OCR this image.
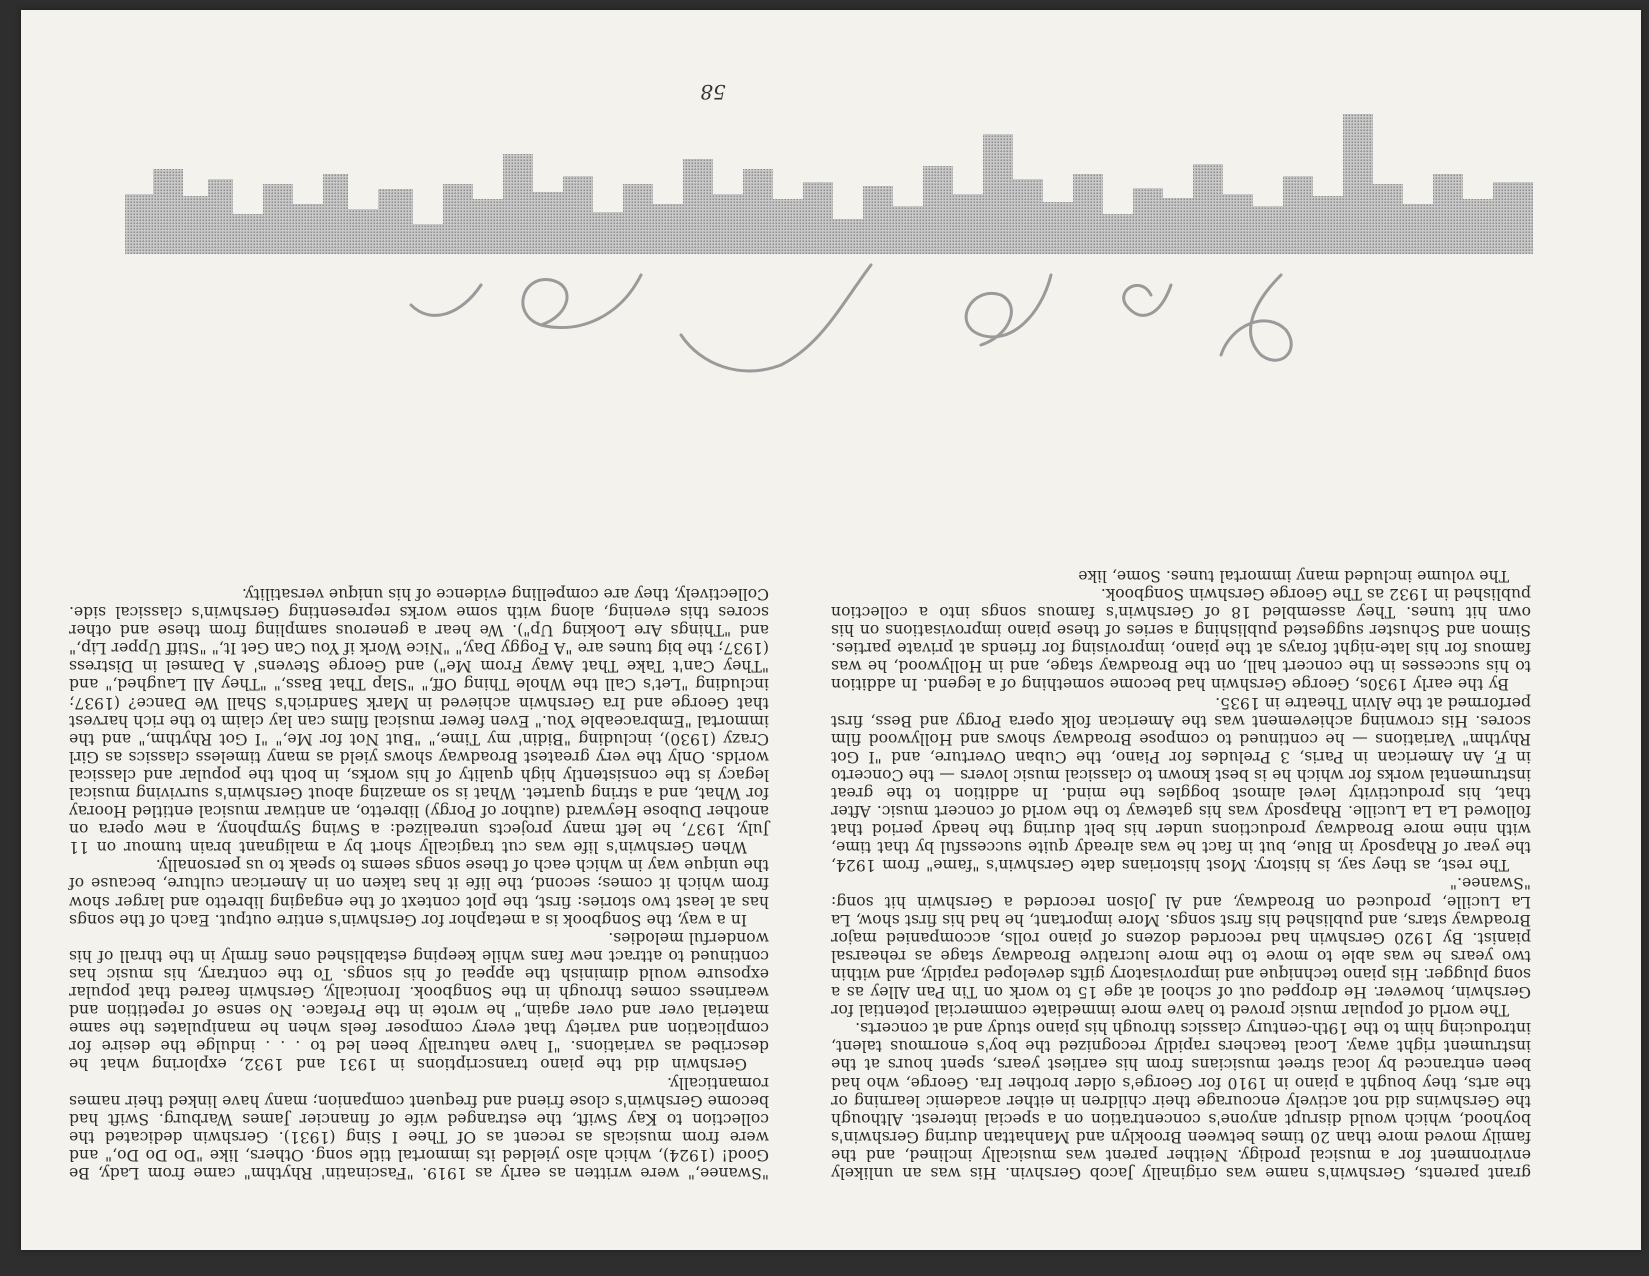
grant parents, Gershwin's name was originally Jacob Gershvin. His was an unlikely environment for a musical prodigy. Neither parent was musically inclined, and the family moved more than 20 times between Brooklyn and Manhattan during Gershwin's boyhood, which would disrupt anyone's concentration on a special interest. Although the Gershwins did not actively encourage their children in either academic learning or the arts, they bought a piano in 1910 for George's older brother Ira. George, who had been entranced by local street musicians from his earliest years, spent hours at the instrument right away. Local teachers rapidly recognized the boy's enormous talent, introducing him to the 19th-century classics through his piano study and at concerts.

The world of popular music proved to have more immediate commercial potential for Gershwin, however. He dropped out of school at age 15 to work on Tin Pan Alley as a song plugger. His piano technique and improvisatory gifts developed rapidly, and within two years he was able to move to the more lucrative Broadway stage as rehearsal pianist. By 1920 Gershwin had recorded dozens of piano rolls, accompanied major Broadway stars, and published his first songs. More important, he had his first show, La La Lucille, produced on Broadway, and Al Jolson recorded a Gershwin hit song: "Swanee."

The rest, as they say, is history. Most historians date Gershwin's "fame" from 1924, the year of Rhapsody in Blue, but in fact he was already quite successful by that time, with nine more Broadway productions under his belt during the heady period that followed La La Lucille. Rhapsody was his gateway to the world of concert music. After that, his productivity level almost boggles the mind. In addition to the great instrumental works for which he is best known to classical music lovers — the Concerto in F, An American in Paris, 3 Preludes for Piano, the Cuban Overture, and "I Got Rhythm" Variations — he continued to compose Broadway shows and Hollywood film scores. His crowning achievement was the American folk opera Porgy and Bess, first performed at the Alvin Theatre in 1935.

By the early 1930s, George Gershwin had become something of a legend. In addition to his successes in the concert hall, on the Broadway stage, and in Hollywood, he was famous for his late-night forays at the piano, improvising for friends at private parties. Simon and Schuster suggested publishing a series of these piano improvisations on his own hit tunes. They assembled 18 of Gershwin's famous songs into a collection published in 1932 as The George Gershwin Songbook.

The volume included many immortal tunes. Some, like

"Swanee," were written as early as 1919. "Fascinatin' Rhythm" came from Lady, Be Good! (1924), which also yielded its immortal title song. Others, like "Do Do Do," and were from musicals as recent as Of Thee I Sing (1931). Gershwin dedicated the collection to Kay Swift, the estranged wife of financier James Warburg. Swift had become Gershwin's close friend and frequent companion; many have linked their names romantically.

Gershwin did the piano transcriptions in 1931 and 1932, exploring what he described as variations. "I have naturally been led to . . . indulge the desire for complication and variety that every composer feels when he manipulates the same material over and over again," he wrote in the Preface. No sense of repetition and weariness comes through in the Songbook. Ironically, Gershwin feared that popular exposure would diminish the appeal of his songs. To the contrary, his music has continued to attract new fans while keeping established ones firmly in the thrall of his wonderful melodies.

In a way, the Songbook is a metaphor for Gershwin's entire output. Each of the songs has at least two stories: first, the plot context of the engaging libretto and larger show from which it comes; second, the life it has taken on in American culture, because of the unique way in which each of these songs seems to speak to us personally.

When Gershwin's life was cut tragically short by a malignant brain tumour on 11 July, 1937, he left many projects unrealized: a Swing Symphony, a new opera on another Dubose Heyward (author of Porgy) libretto, an antiwar musical entitled Hooray for What, and a string quartet. What is so amazing about Gershwin's surviving musical legacy is the consistently high quality of his works, in both the popular and classical worlds. Only the very greatest Broadway shows yield as many timeless classics as Girl Crazy (1930), including "Bidin' my Time," "But Not for Me," "I Got Rhythm," and the immortal "Embraceable You." Even fewer musical films can lay claim to the rich harvest that George and Ira Gershwin achieved in Mark Sandrich's Shall We Dance? (1937; including "Let's Call the Whole Thing Off," "Slap That Bass," "They All Laughed," and "They Can't Take That Away From Me") and George Stevens' A Damsel in Distress (1937; the big tunes are "A Foggy Day," "Nice Work if You Can Get It," "Stiff Upper Lip," and "Things Are Looking Up"). We hear a generous sampling from these and other scores this evening, along with some works representing Gershwin's classical side. Collectively, they are compelling evidence of his unique versatility.

58
